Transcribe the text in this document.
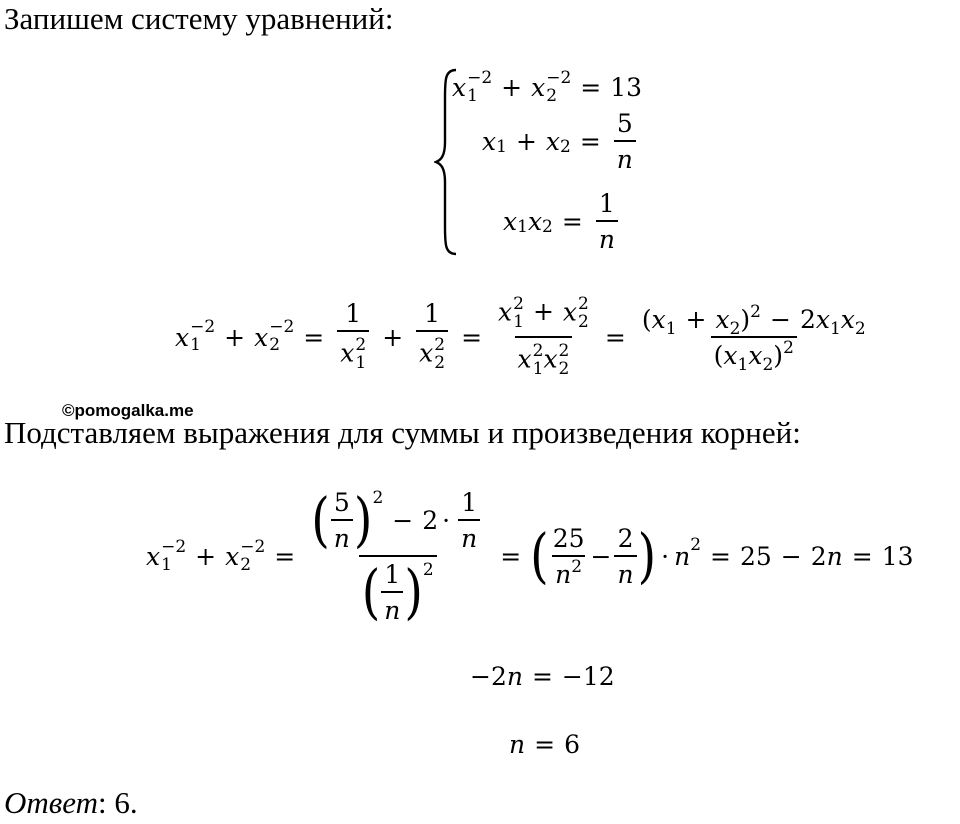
Запишем систему уравнений:
x −2
1 + x −2
2 = 13
x 1 + x $2 = \frac{5}{n}$
x 1 x $2 = \frac{1}{n}$
x −2
1 + x −2
2 = 1
x 2
1 + 1
x 2
2 = x 2
1 + x 2
2
x 2
1 x 2
$2 = \frac{(x_1 + x_2)^2 - 2x_1x_2}{(x_1x_2)^2}$
©pomogalka.me
Подставляем выражения для суммы и произведения корней:
x −2
1 + x −2
2 = ( $\frac{5}{n}$ ) 2
− $2 \cdot \frac{1}{n}$
( $\frac{1}{n}$ ) 2 = ( $\frac{25}{n^2} - \frac{2}{n}$ ) · n 2 = 25 − 2 n = 13
−2 n = −12
n = 6
Ответ: 6.
